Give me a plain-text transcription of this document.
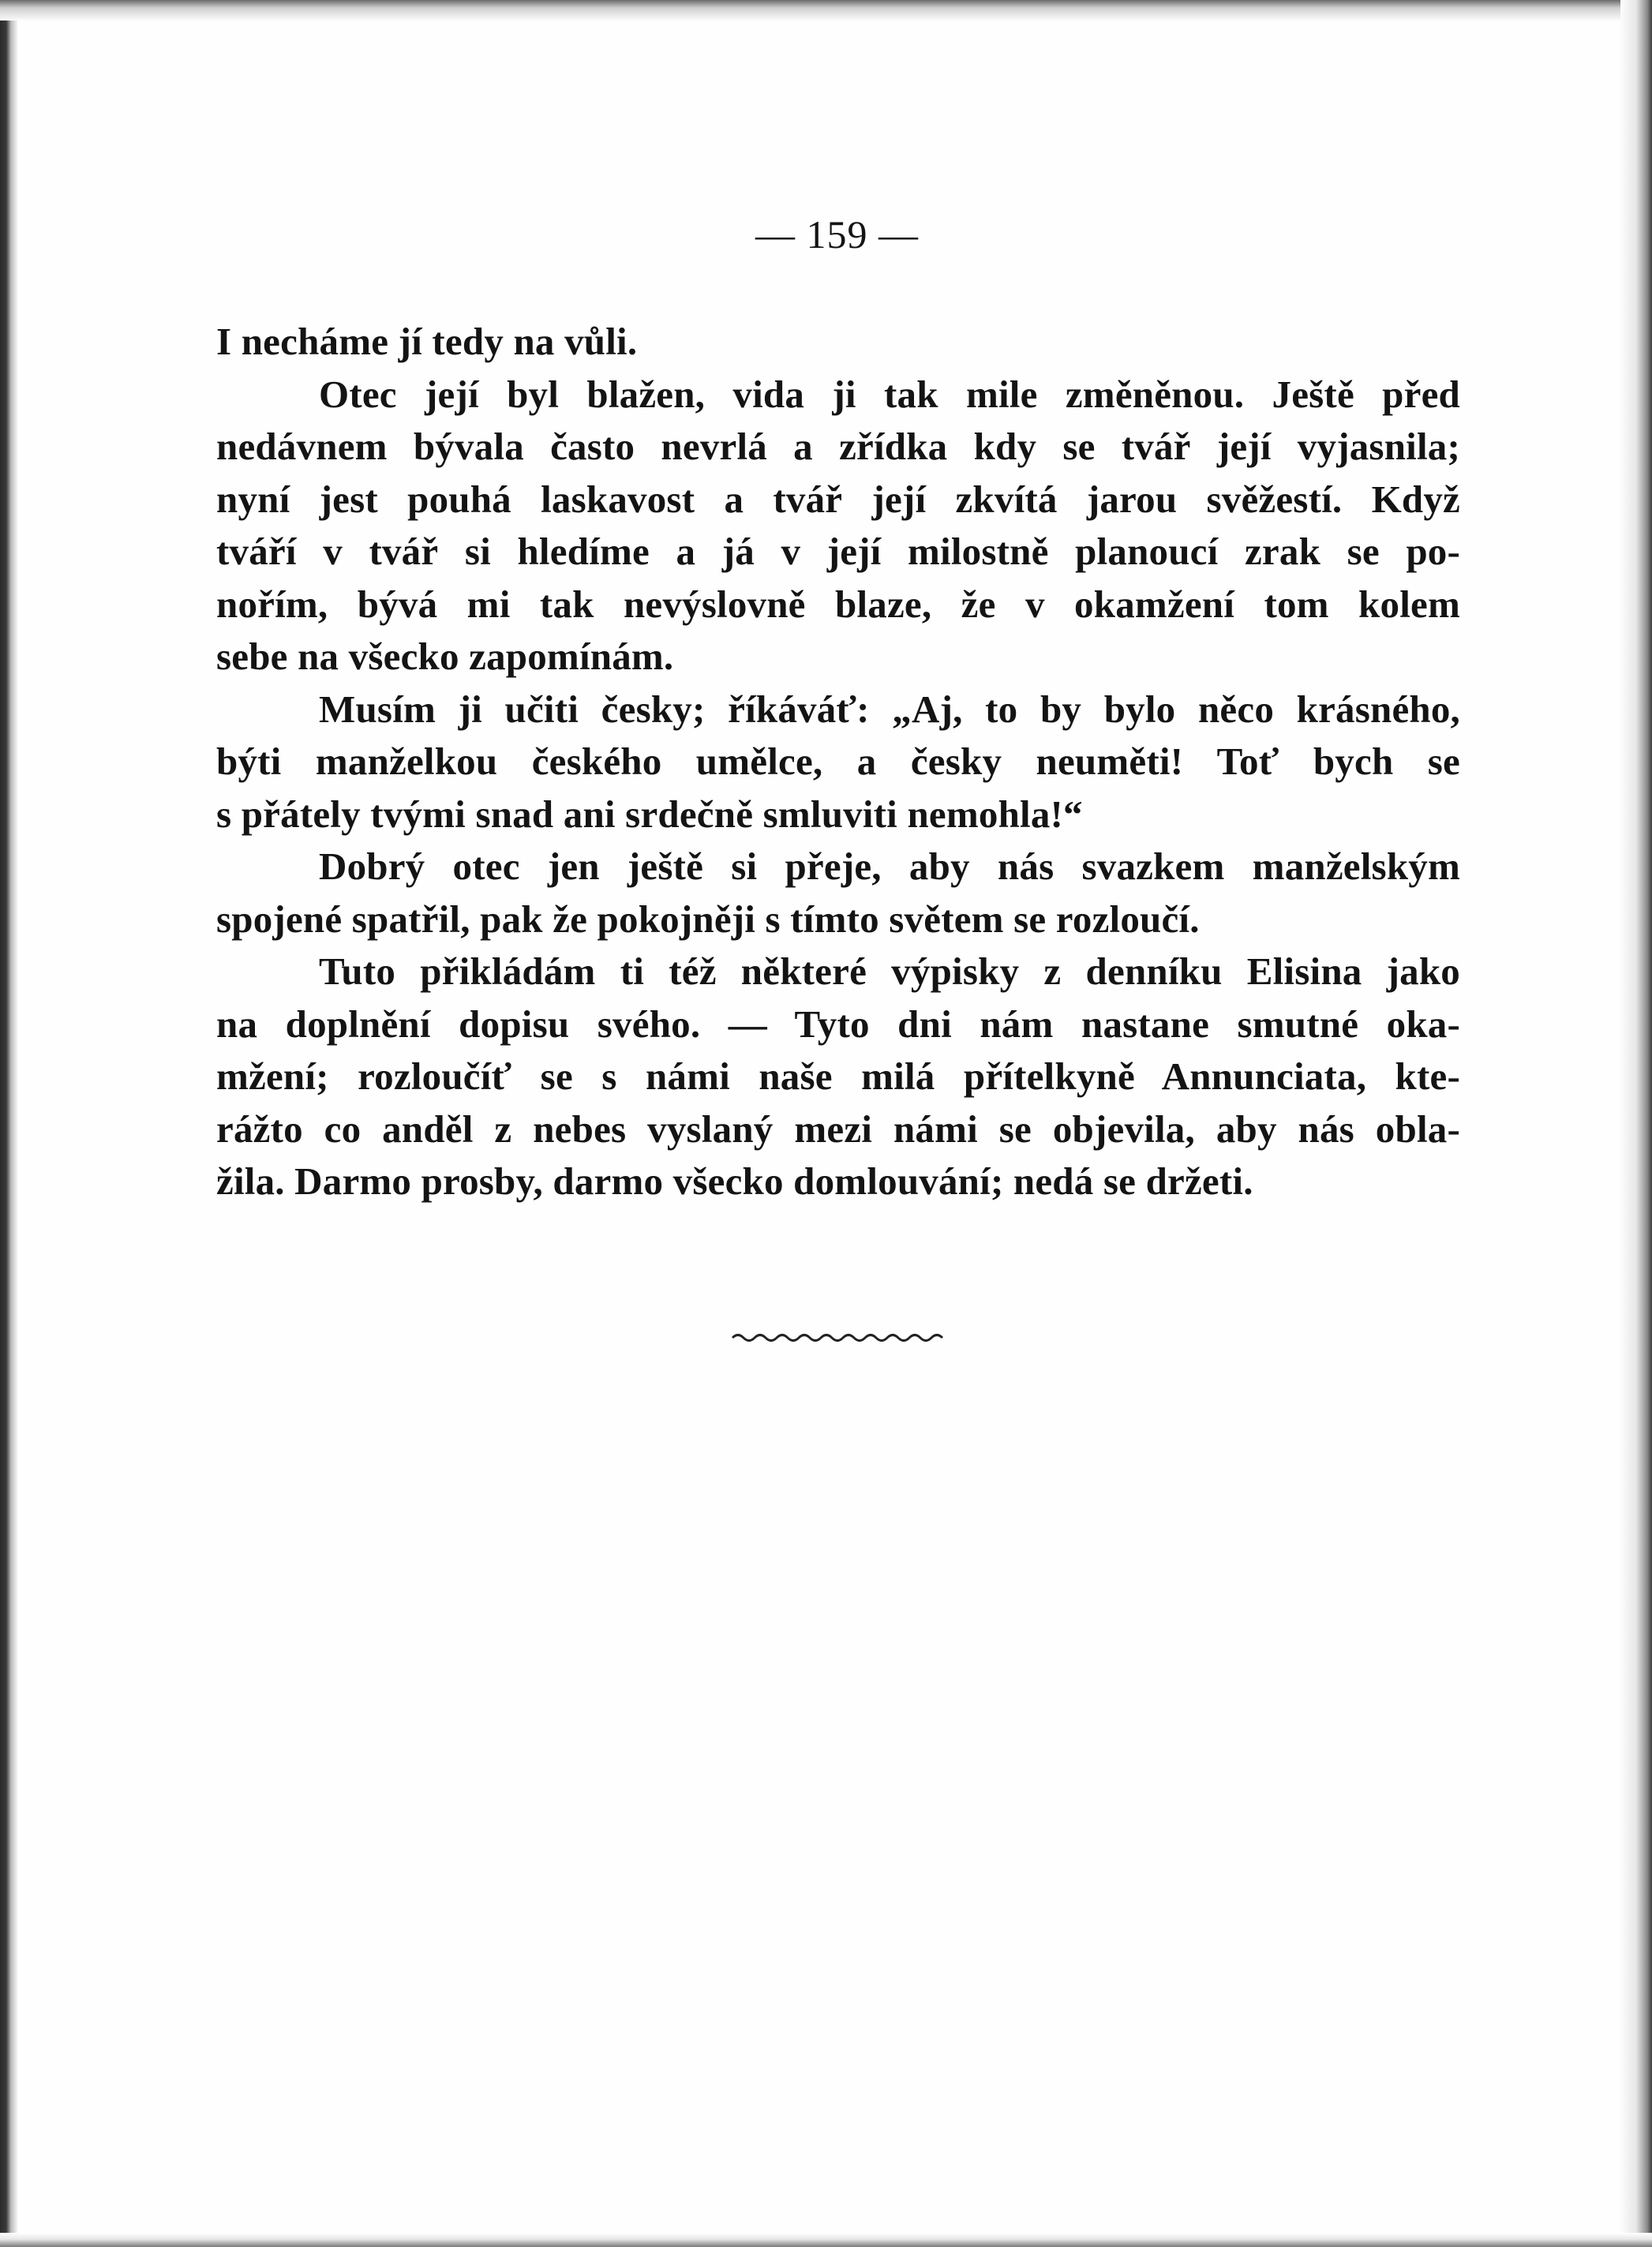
— 159 —
I necháme jí tedy na vůli.
Otec její byl blažen, vida ji tak mile změněnou. Ještě před
nedávnem bývala často nevrlá a zřídka kdy se tvář její vyjasnila;
nyní jest pouhá laskavost a tvář její zkvítá jarou svěžestí. Když
tváří v tvář si hledíme a já v její milostně planoucí zrak se po-
nořím, bývá mi tak nevýslovně blaze, že v okamžení tom kolem
sebe na všecko zapomínám.
Musím ji učiti česky; říkáváť: „Aj, to by bylo něco krásného,
býti manželkou českého umělce, a česky neuměti! Toť bych se
s přátely tvými snad ani srdečně smluviti nemohla!“
Dobrý otec jen ještě si přeje, aby nás svazkem manželským
spojené spatřil, pak že pokojněji s tímto světem se rozloučí.
Tuto přikládám ti též některé výpisky z denníku Elisina jako
na doplnění dopisu svého. — Tyto dni nám nastane smutné oka-
mžení; rozloučíť se s námi naše milá přítelkyně Annunciata, kte-
rážto co anděl z nebes vyslaný mezi námi se objevila, aby nás obla-
žila. Darmo prosby, darmo všecko domlouvání; nedá se držeti.
